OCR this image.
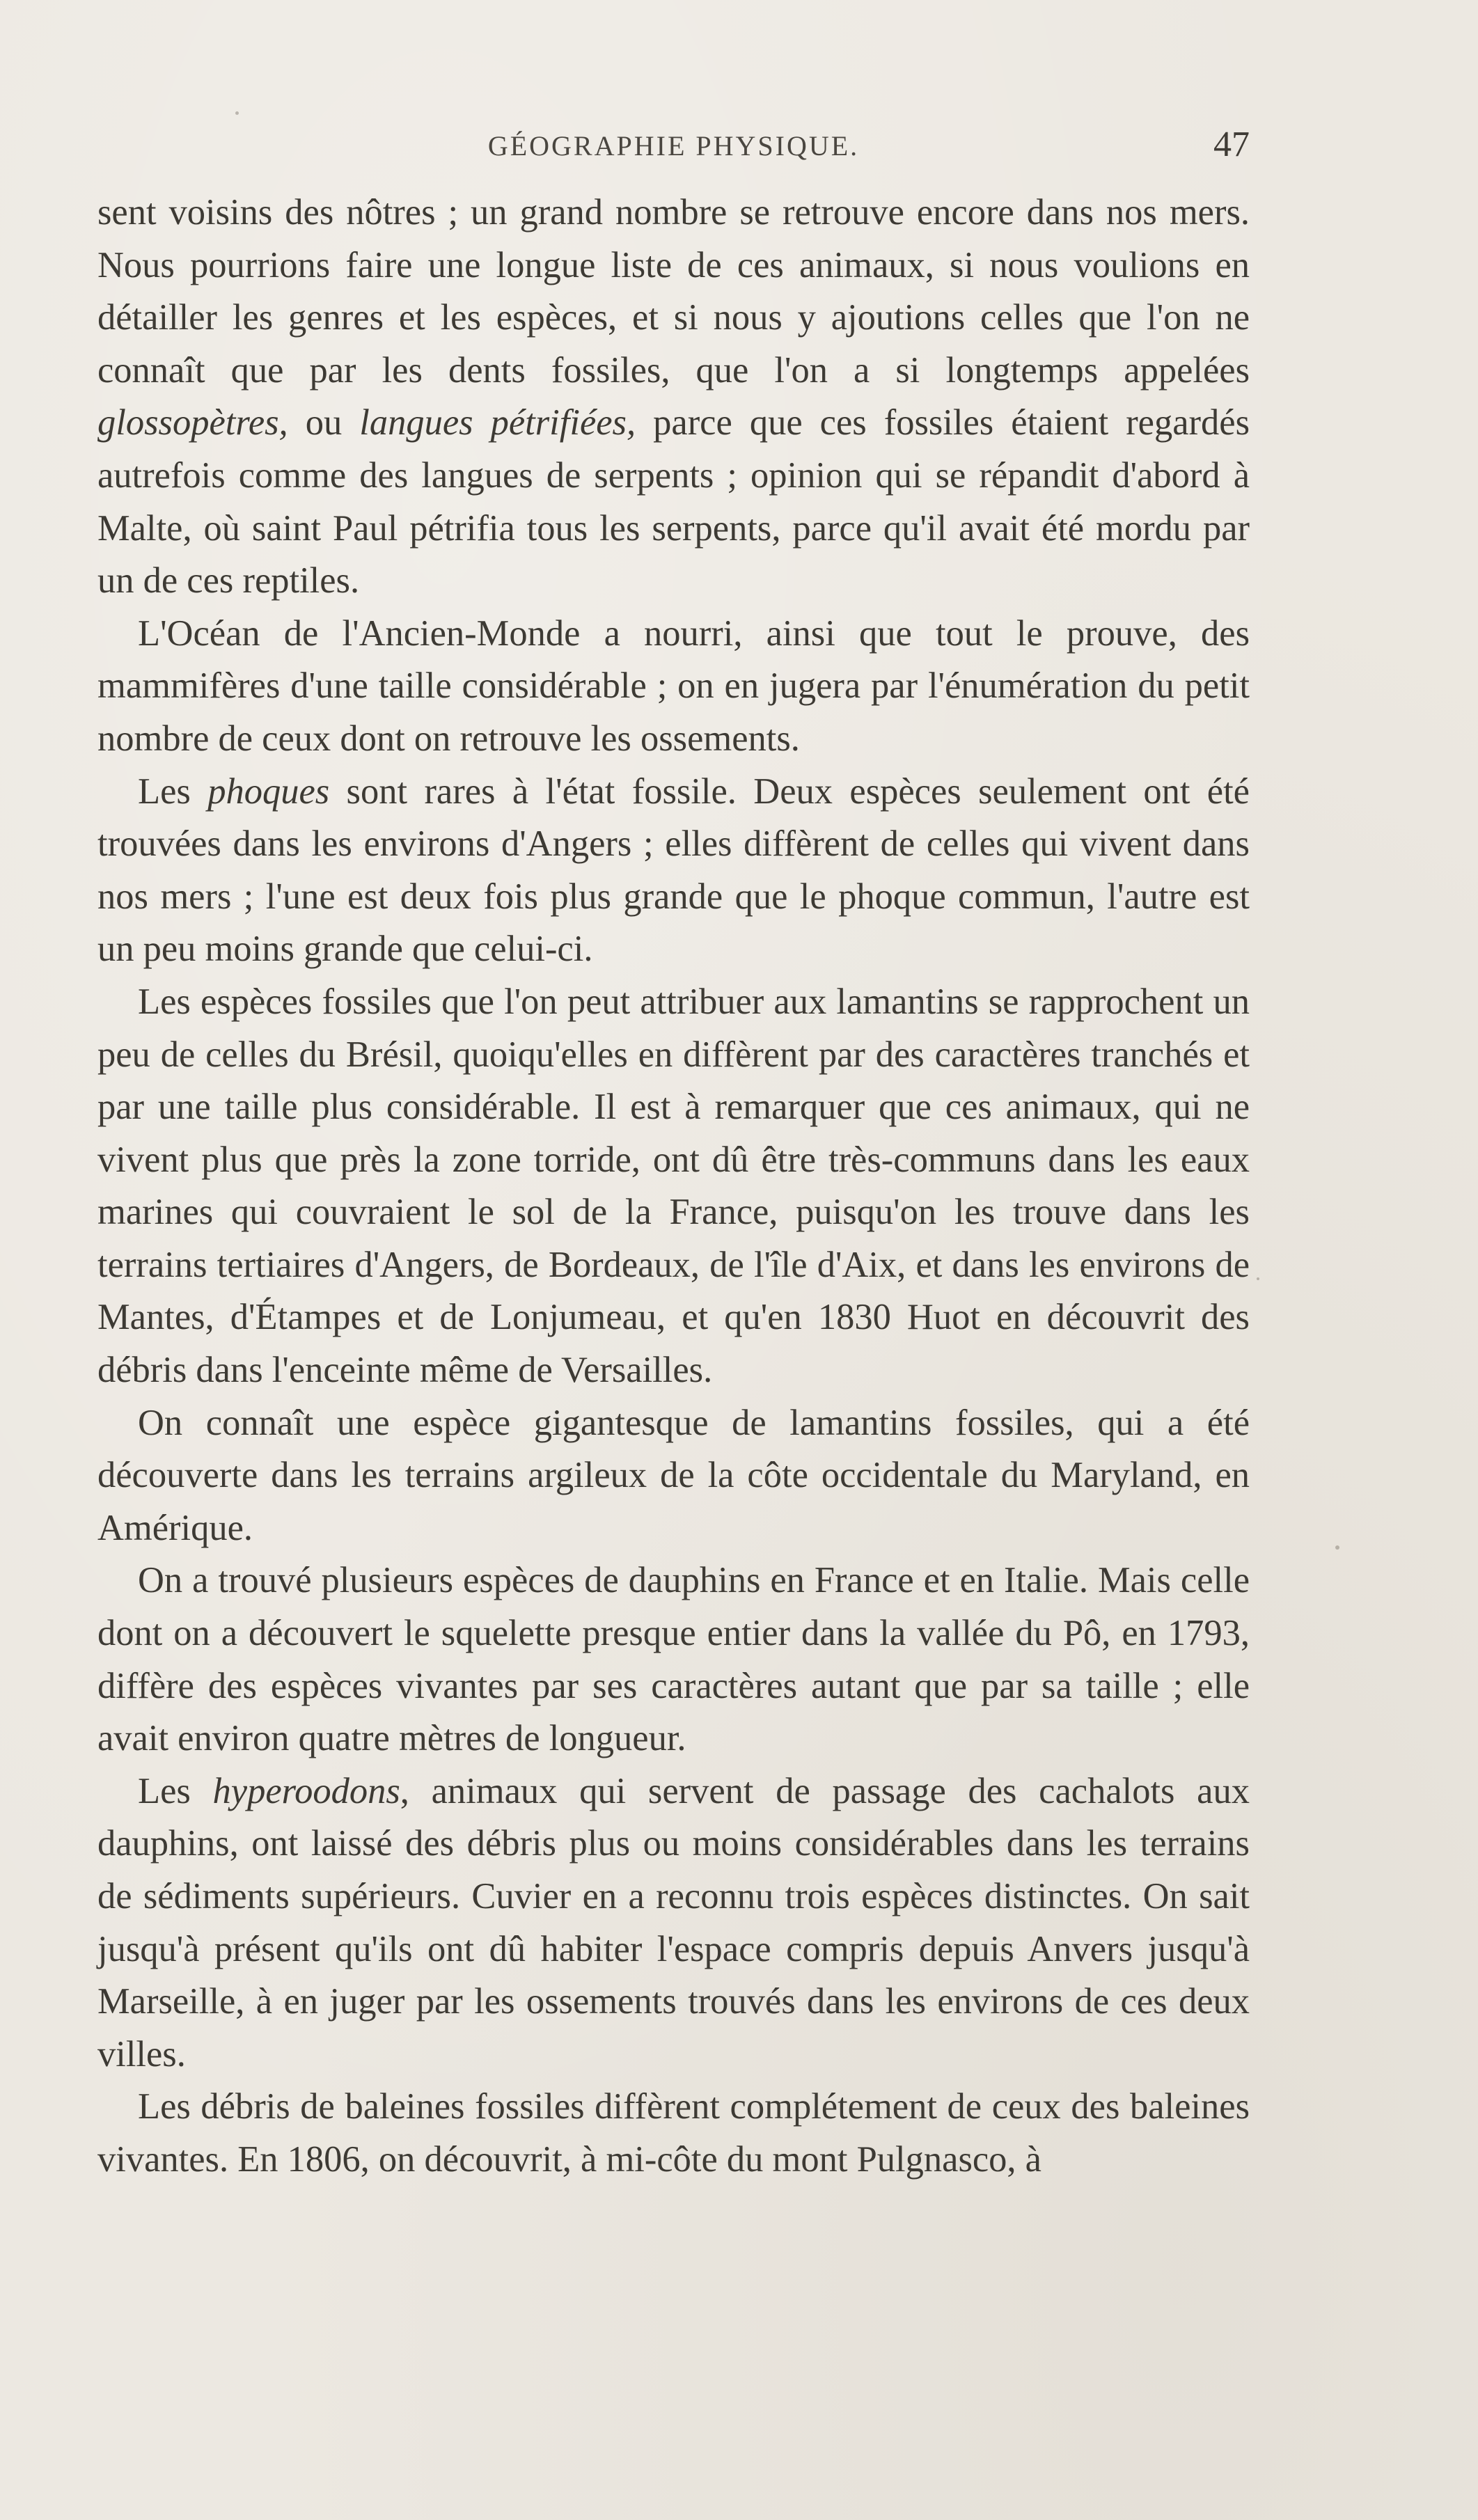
GÉOGRAPHIE PHYSIQUE.	47

sent voisins des nôtres ; un grand nombre se retrouve encore dans nos mers. Nous pourrions faire une longue liste de ces animaux, si nous voulions en détailler les genres et les espèces, et si nous y ajoutions celles que l'on ne connaît que par les dents fossiles, que l'on a si longtemps appelées glossopètres, ou langues pétrifiées, parce que ces fossiles étaient regardés autrefois comme des langues de serpents ; opinion qui se répandit d'abord à Malte, où saint Paul pétrifia tous les serpents, parce qu'il avait été mordu par un de ces reptiles.

L'Océan de l'Ancien-Monde a nourri, ainsi que tout le prouve, des mammifères d'une taille considérable ; on en jugera par l'énumération du petit nombre de ceux dont on retrouve les ossements.

Les phoques sont rares à l'état fossile. Deux espèces seulement ont été trouvées dans les environs d'Angers ; elles diffèrent de celles qui vivent dans nos mers ; l'une est deux fois plus grande que le phoque commun, l'autre est un peu moins grande que celui-ci.

Les espèces fossiles que l'on peut attribuer aux lamantins se rapprochent un peu de celles du Brésil, quoiqu'elles en diffèrent par des caractères tranchés et par une taille plus considérable. Il est à remarquer que ces animaux, qui ne vivent plus que près la zone torride, ont dû être très-communs dans les eaux marines qui couvraient le sol de la France, puisqu'on les trouve dans les terrains tertiaires d'Angers, de Bordeaux, de l'île d'Aix, et dans les environs de Mantes, d'Étampes et de Lonjumeau, et qu'en 1830 Huot en découvrit des débris dans l'enceinte même de Versailles.

On connaît une espèce gigantesque de lamantins fossiles, qui a été découverte dans les terrains argileux de la côte occidentale du Maryland, en Amérique.

On a trouvé plusieurs espèces de dauphins en France et en Italie. Mais celle dont on a découvert le squelette presque entier dans la vallée du Pô, en 1793, diffère des espèces vivantes par ses caractères autant que par sa taille ; elle avait environ quatre mètres de longueur.

Les hyperoodons, animaux qui servent de passage des cachalots aux dauphins, ont laissé des débris plus ou moins considérables dans les terrains de sédiments supérieurs. Cuvier en a reconnu trois espèces distinctes. On sait jusqu'à présent qu'ils ont dû habiter l'espace compris depuis Anvers jusqu'à Marseille, à en juger par les ossements trouvés dans les environs de ces deux villes.

Les débris de baleines fossiles diffèrent complétement de ceux des baleines vivantes. En 1806, on découvrit, à mi-côte du mont Pulgnasco, à
